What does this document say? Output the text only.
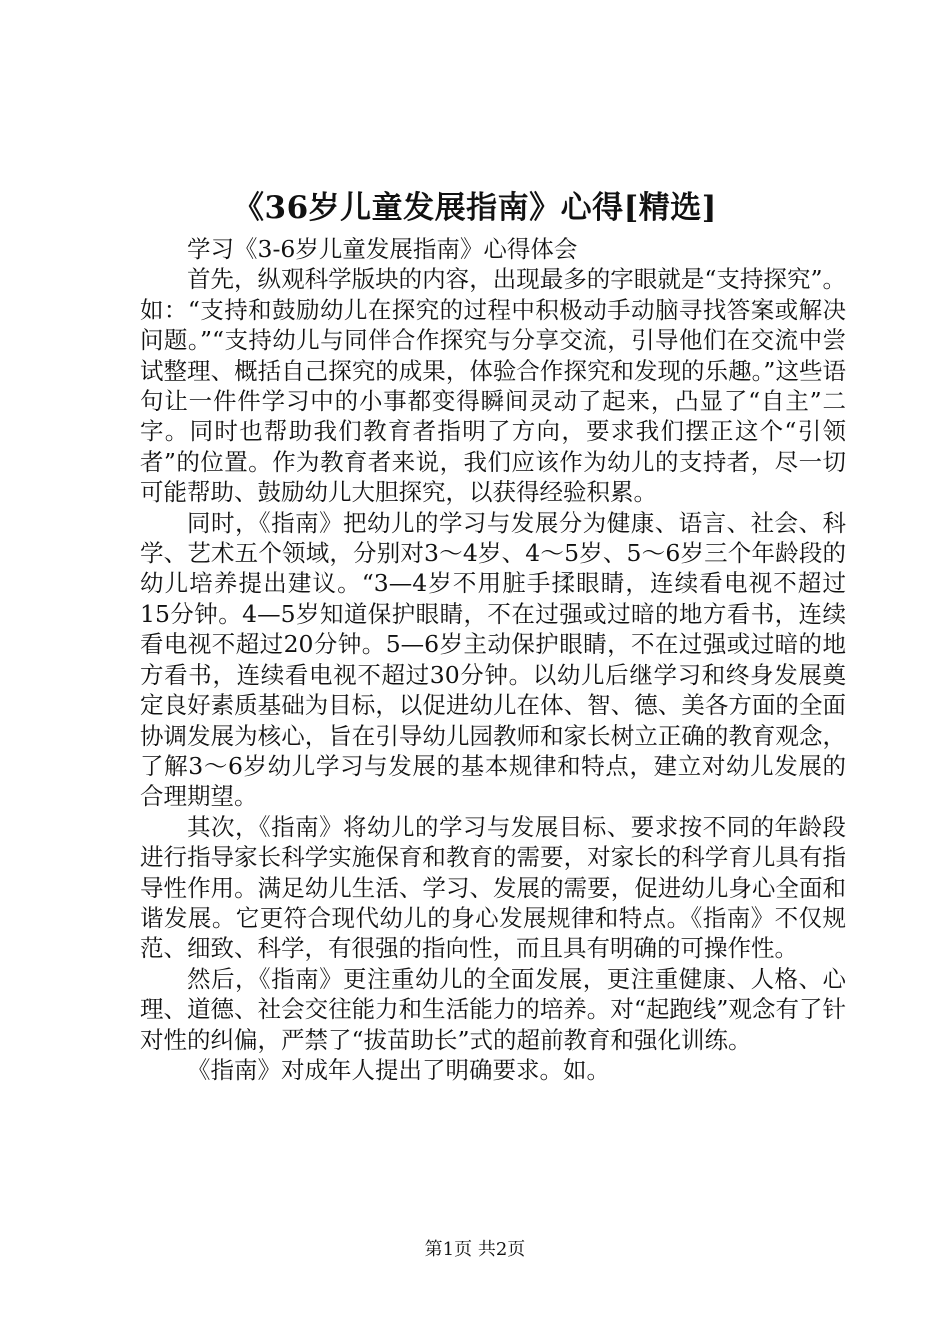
《36岁儿童发展指南》心得[精选]

学习《3-6岁儿童发展指南》心得体会

首先，纵观科学版块的内容，出现最多的字眼就是“支持探究”。如：“支持和鼓励幼儿在探究的过程中积极动手动脑寻找答案或解决问题。”“支持幼儿与同伴合作探究与分享交流，引导他们在交流中尝试整理、概括自己探究的成果，体验合作探究和发现的乐趣。”这些语句让一件件学习中的小事都变得瞬间灵动了起来，凸显了“自主”二字。同时也帮助我们教育者指明了方向，要求我们摆正这个“引领者”的位置。作为教育者来说，我们应该作为幼儿的支持者，尽一切可能帮助、鼓励幼儿大胆探究，以获得经验积累。

同时，《指南》把幼儿的学习与发展分为健康、语言、社会、科学、艺术五个领域，分别对3～4岁、4～5岁、5～6岁三个年龄段的幼儿培养提出建议。“3—4岁不用脏手揉眼睛，连续看电视不超过15分钟。4—5岁知道保护眼睛，不在过强或过暗的地方看书，连续看电视不超过20分钟。5—6岁主动保护眼睛，不在过强或过暗的地方看书，连续看电视不超过30分钟。以幼儿后继学习和终身发展奠定良好素质基础为目标，以促进幼儿在体、智、德、美各方面的全面协调发展为核心，旨在引导幼儿园教师和家长树立正确的教育观念，了解3～6岁幼儿学习与发展的基本规律和特点，建立对幼儿发展的合理期望。

其次，《指南》将幼儿的学习与发展目标、要求按不同的年龄段进行指导家长科学实施保育和教育的需要，对家长的科学育儿具有指导性作用。满足幼儿生活、学习、发展的需要，促进幼儿身心全面和谐发展。它更符合现代幼儿的身心发展规律和特点。《指南》不仅规范、细致、科学，有很强的指向性，而且具有明确的可操作性。

然后，《指南》更注重幼儿的全面发展，更注重健康、人格、心理、道德、社会交往能力和生活能力的培养。对“起跑线”观念有了针对性的纠偏，严禁了“拔苗助长”式的超前教育和强化训练。

《指南》对成年人提出了明确要求。如。

第1页 共2页
